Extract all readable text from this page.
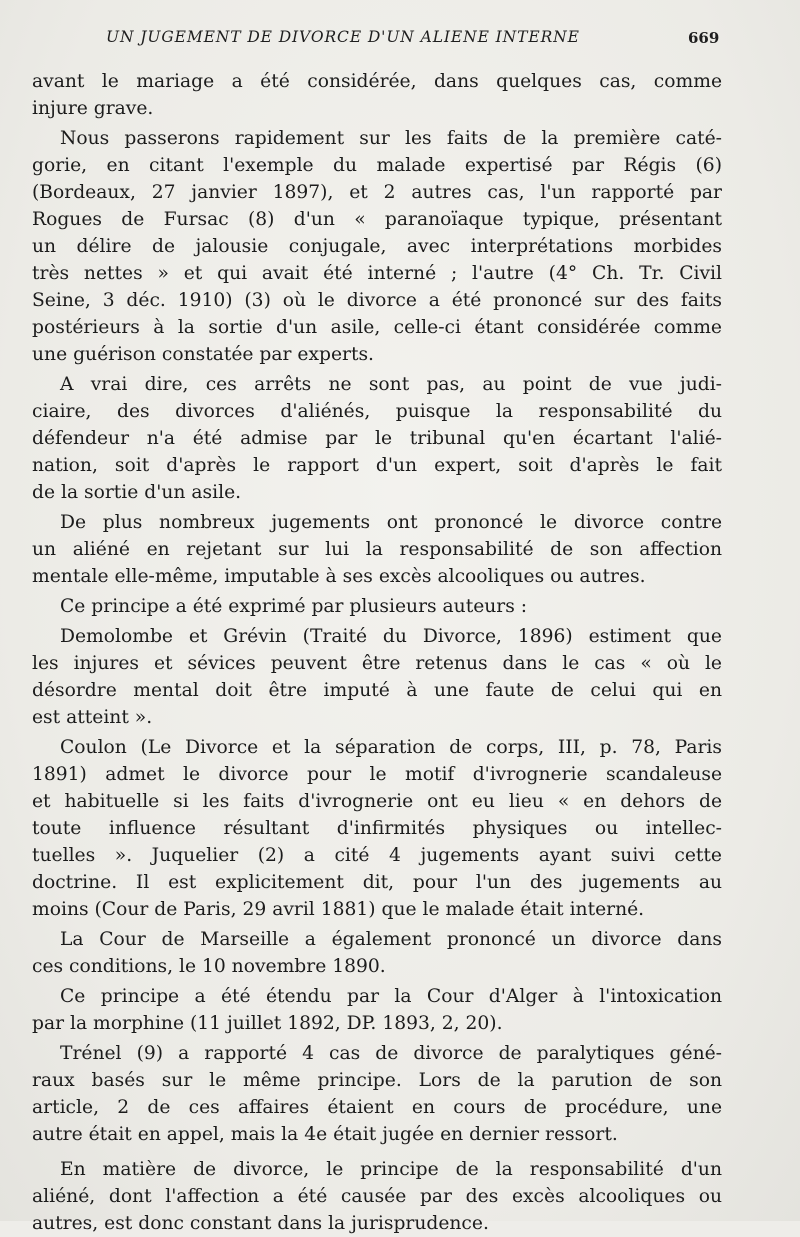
UN JUGEMENT DE DIVORCE D'UN ALIENE INTERNE	669
avant le mariage a été considérée, dans quelques cas, comme
injure grave.
Nous passerons rapidement sur les faits de la première caté-
gorie, en citant l'exemple du malade expertisé par Régis (6)
(Bordeaux, 27 janvier 1897), et 2 autres cas, l'un rapporté par
Rogues de Fursac (8) d'un « paranoïaque typique, présentant
un délire de jalousie conjugale, avec interprétations morbides
très nettes » et qui avait été interné ; l'autre (4° Ch. Tr. Civil
Seine, 3 déc. 1910) (3) où le divorce a été prononcé sur des faits
postérieurs à la sortie d'un asile, celle-ci étant considérée comme
une guérison constatée par experts.
A vrai dire, ces arrêts ne sont pas, au point de vue judi-
ciaire, des divorces d'aliénés, puisque la responsabilité du
défendeur n'a été admise par le tribunal qu'en écartant l'alié-
nation, soit d'après le rapport d'un expert, soit d'après le fait
de la sortie d'un asile.
De plus nombreux jugements ont prononcé le divorce contre
un aliéné en rejetant sur lui la responsabilité de son affection
mentale elle-même, imputable à ses excès alcooliques ou autres.
Ce principe a été exprimé par plusieurs auteurs :
Demolombe et Grévin (Traité du Divorce, 1896) estiment que
les injures et sévices peuvent être retenus dans le cas « où le
désordre mental doit être imputé à une faute de celui qui en
est atteint ».
Coulon (Le Divorce et la séparation de corps, III, p. 78, Paris
1891) admet le divorce pour le motif d'ivrognerie scandaleuse
et habituelle si les faits d'ivrognerie ont eu lieu « en dehors de
toute influence résultant d'infirmités physiques ou intellec-
tuelles ». Juquelier (2) a cité 4 jugements ayant suivi cette
doctrine. Il est explicitement dit, pour l'un des jugements au
moins (Cour de Paris, 29 avril 1881) que le malade était interné.
La Cour de Marseille a également prononcé un divorce dans
ces conditions, le 10 novembre 1890.
Ce principe a été étendu par la Cour d'Alger à l'intoxication
par la morphine (11 juillet 1892, DP. 1893, 2, 20).
Trénel (9) a rapporté 4 cas de divorce de paralytiques géné-
raux basés sur le même principe. Lors de la parution de son
article, 2 de ces affaires étaient en cours de procédure, une
autre était en appel, mais la 4e était jugée en dernier ressort.
En matière de divorce, le principe de la responsabilité d'un
aliéné, dont l'affection a été causée par des excès alcooliques ou
autres, est donc constant dans la jurisprudence.
